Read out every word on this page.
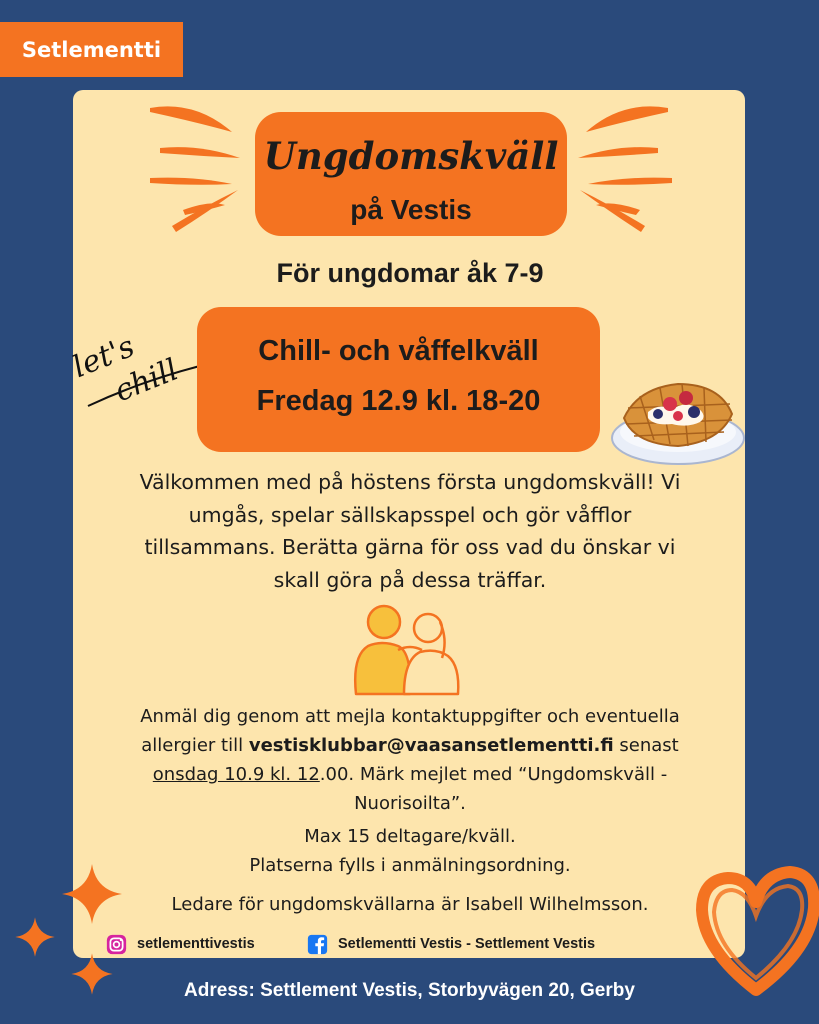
Setlementti
Ungdomskväll
på Vestis
För ungdomar åk 7-9
let's
chill
Chill- och våffelkväll
Fredag 12.9 kl. 18-20
Välkommen med på höstens första ungdomskväll! Vi
umgås, spelar sällskapsspel och gör våfflor
tillsammans. Berätta gärna för oss vad du önskar vi
skall göra på dessa träffar.
Anmäl dig genom att mejla kontaktuppgifter och eventuella
allergier till vestisklubbar@vaasansetlementti.fi senast
onsdag 10.9 kl. 12.00. Märk mejlet med “Ungdomskväll -
Nuorisoilta”.
Max 15 deltagare/kväll.
Platserna fylls i anmälningsordning.
Ledare för ungdomskvällarna är Isabell Wilhelmsson.
setlementtivestis	Setlementti Vestis - Settlement Vestis
Adress: Settlement Vestis, Storbyvägen 20, Gerby
